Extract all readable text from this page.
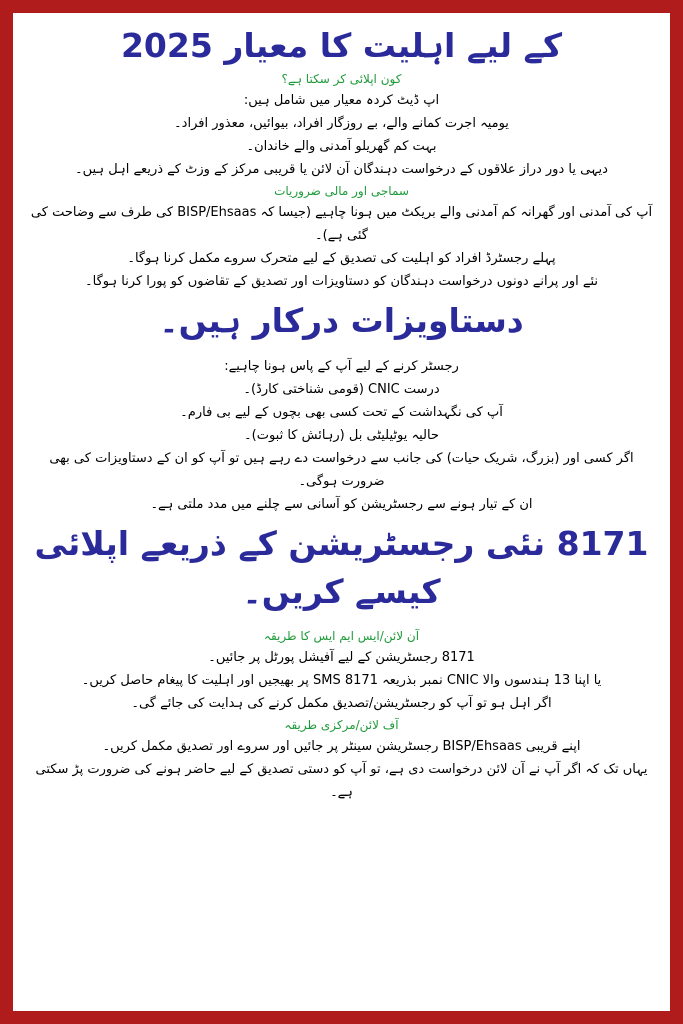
کے لیے اہلیت کا معیار 2025

کون اپلائی کر سکتا ہے؟

اپ ڈیٹ کردہ معیار میں شامل ہیں:

یومیہ اجرت کمانے والے، بے روزگار افراد، بیوائیں، معذور افراد۔

بہت کم گھریلو آمدنی والے خاندان۔

دیہی یا دور دراز علاقوں کے درخواست دہندگان آن لائن یا قریبی مرکز کے وزٹ کے ذریعے اہل ہیں۔

سماجی اور مالی ضروریات

آپ کی آمدنی اور گھرانہ کم آمدنی والے بریکٹ میں ہونا چاہیے (جیسا کہ BISP/Ehsaas کی طرف سے وضاحت کی گئی ہے)۔

پہلے رجسٹرڈ افراد کو اہلیت کی تصدیق کے لیے متحرک سروے مکمل کرنا ہوگا۔

نئے اور پرانے دونوں درخواست دہندگان کو دستاویزات اور تصدیق کے تقاضوں کو پورا کرنا ہوگا۔

دستاویزات درکار ہیں۔

رجسٹر کرنے کے لیے آپ کے پاس ہونا چاہیے:

درست CNIC (قومی شناختی کارڈ)۔

آپ کی نگہداشت کے تحت کسی بھی بچوں کے لیے بی فارم۔

حالیہ یوٹیلیٹی بل (رہائش کا ثبوت)۔

اگر کسی اور (بزرگ، شریک حیات) کی جانب سے درخواست دے رہے ہیں تو آپ کو ان کے دستاویزات کی بھی ضرورت ہوگی۔

ان کے تیار ہونے سے رجسٹریشن کو آسانی سے چلنے میں مدد ملتی ہے۔

8171 نئی رجسٹریشن کے ذریعے اپلائی کیسے کریں۔

آن لائن/ایس ایم ایس کا طریقہ

8171 رجسٹریشن کے لیے آفیشل پورٹل پر جائیں۔

یا اپنا 13 ہندسوں والا CNIC نمبر بذریعہ SMS 8171 پر بھیجیں اور اہلیت کا پیغام حاصل کریں۔

اگر اہل ہو تو آپ کو رجسٹریشن/تصدیق مکمل کرنے کی ہدایت کی جائے گی۔

آف لائن/مرکزی طریقہ

اپنے قریبی BISP/Ehsaas رجسٹریشن سینٹر پر جائیں اور سروے اور تصدیق مکمل کریں۔

یہاں تک کہ اگر آپ نے آن لائن درخواست دی ہے، تو آپ کو دستی تصدیق کے لیے حاضر ہونے کی ضرورت پڑ سکتی ہے۔
